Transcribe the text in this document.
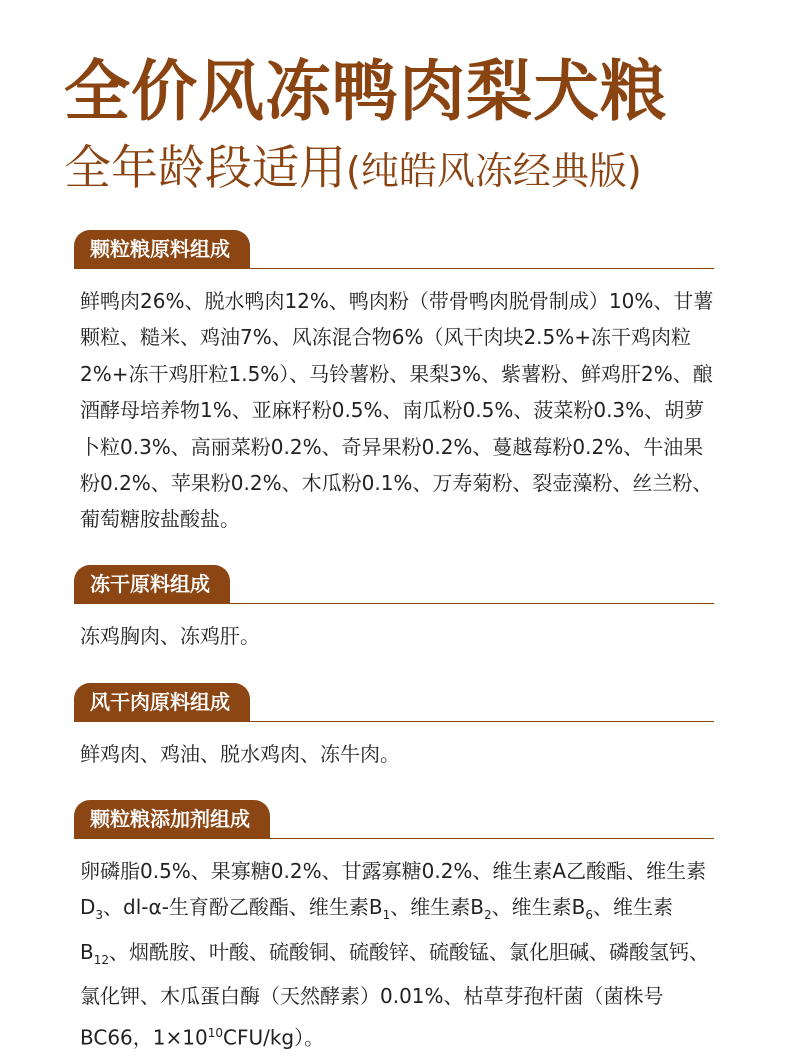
全价风冻鸭肉梨犬粮
全年龄段适用(纯皓风冻经典版)
颗粒粮原料组成

鲜鸭肉26%、脱水鸭肉12%、鸭肉粉（带骨鸭肉脱骨制成）10%、甘薯颗粒、糙米、鸡油7%、风冻混合物6%（风干肉块2.5%+冻干鸡肉粒2%+冻干鸡肝粒1.5%）、马铃薯粉、果梨3%、紫薯粉、鲜鸡肝2%、酿酒酵母培养物1%、亚麻籽粉0.5%、南瓜粉0.5%、菠菜粉0.3%、胡萝卜粒0.3%、高丽菜粉0.2%、奇异果粉0.2%、蔓越莓粉0.2%、牛油果粉0.2%、苹果粉0.2%、木瓜粉0.1%、万寿菊粉、裂壶藻粉、丝兰粉、葡萄糖胺盐酸盐。

冻干原料组成

冻鸡胸肉、冻鸡肝。

风干肉原料组成

鲜鸡肉、鸡油、脱水鸡肉、冻牛肉。

颗粒粮添加剂组成

卵磷脂0.5%、果寡糖0.2%、甘露寡糖0.2%、维生素A乙酸酯、维生素$D_3$、dl-α-生育酚乙酸酯、维生素$B_1$、维生素$B_2$、维生素$B_6$、维生素$B_{12}$、烟酰胺、叶酸、硫酸铜、硫酸锌、硫酸锰、氯化胆碱、磷酸氢钙、氯化钾、木瓜蛋白酶（天然酵素）0.01%、枯草芽孢杆菌（菌株号BC66，$1\times 10^{10}CFU/kg$）。
